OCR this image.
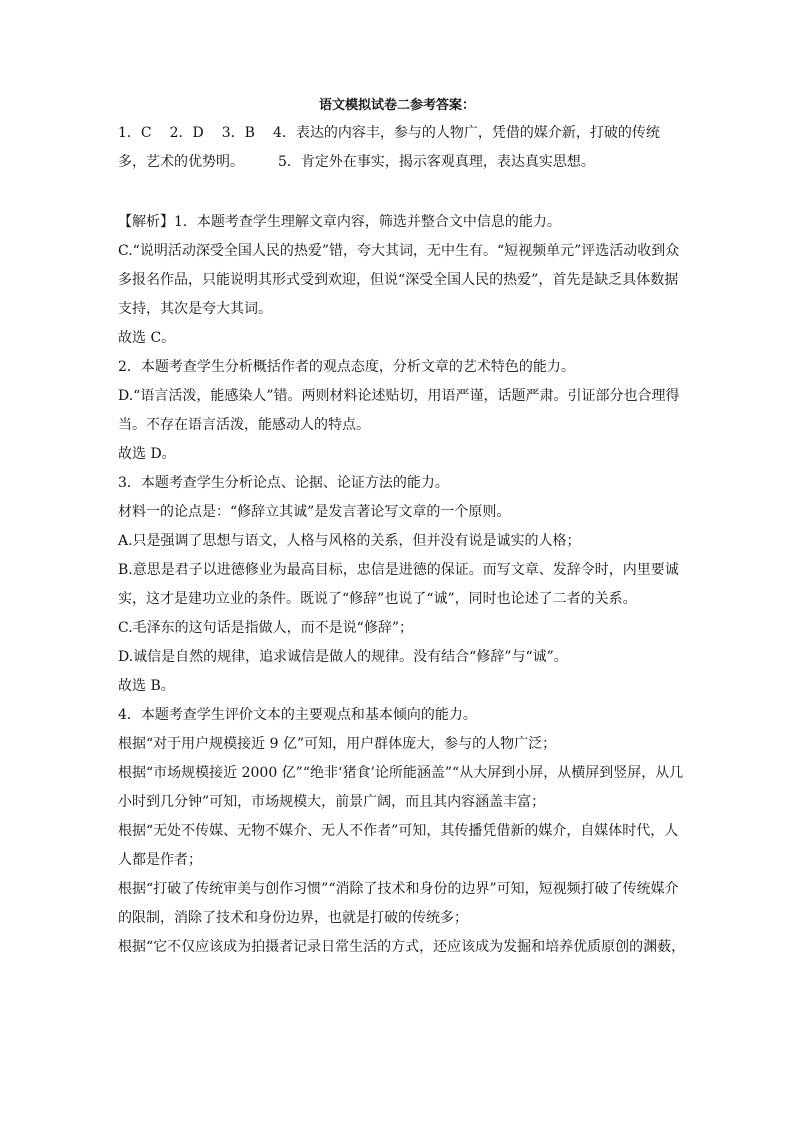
语文模拟试卷二参考答案：
1．C 2．D 3．B 4．表达的内容丰，参与的人物广，凭借的媒介新，打破的传统
多，艺术的优势明。 5．肯定外在事实，揭示客观真理，表达真实思想。
【解析】1．本题考查学生理解文章内容，筛选并整合文中信息的能力。
C.“说明活动深受全国人民的热爱”错，夸大其词，无中生有。“短视频单元”评选活动收到众
多报名作品，只能说明其形式受到欢迎，但说“深受全国人民的热爱”，首先是缺乏具体数据
支持，其次是夸大其词。
故选 C。
2．本题考查学生分析概括作者的观点态度，分析文章的艺术特色的能力。
D.“语言活泼，能感染人”错。两则材料论述贴切，用语严谨，话题严肃。引证部分也合理得
当。不存在语言活泼，能感动人的特点。
故选 D。
3．本题考查学生分析论点、论据、论证方法的能力。
材料一的论点是：“修辞立其诚”是发言著论写文章的一个原则。
A.只是强调了思想与语文，人格与风格的关系，但并没有说是诚实的人格；
B.意思是君子以进德修业为最高目标，忠信是进德的保证。而写文章、发辞令时，内里要诚
实，这才是建功立业的条件。既说了“修辞”也说了“诚”，同时也论述了二者的关系。
C.毛泽东的这句话是指做人，而不是说“修辞”；
D.诚信是自然的规律，追求诚信是做人的规律。没有结合“修辞”与“诚”。
故选 B。
4．本题考查学生评价文本的主要观点和基本倾向的能力。
根据“对于用户规模接近 9 亿”可知，用户群体庞大，参与的人物广泛；
根据“市场规模接近 2000 亿”“绝非‘猪食’论所能涵盖”“从大屏到小屏，从横屏到竖屏，从几
小时到几分钟”可知，市场规模大，前景广阔，而且其内容涵盖丰富；
根据“无处不传媒、无物不媒介、无人不作者”可知，其传播凭借新的媒介，自媒体时代，人
人都是作者；
根据“打破了传统审美与创作习惯”“消除了技术和身份的边界”可知，短视频打破了传统媒介
的限制，消除了技术和身份边界，也就是打破的传统多；
根据“它不仅应该成为拍摄者记录日常生活的方式，还应该成为发掘和培养优质原创的渊薮，
